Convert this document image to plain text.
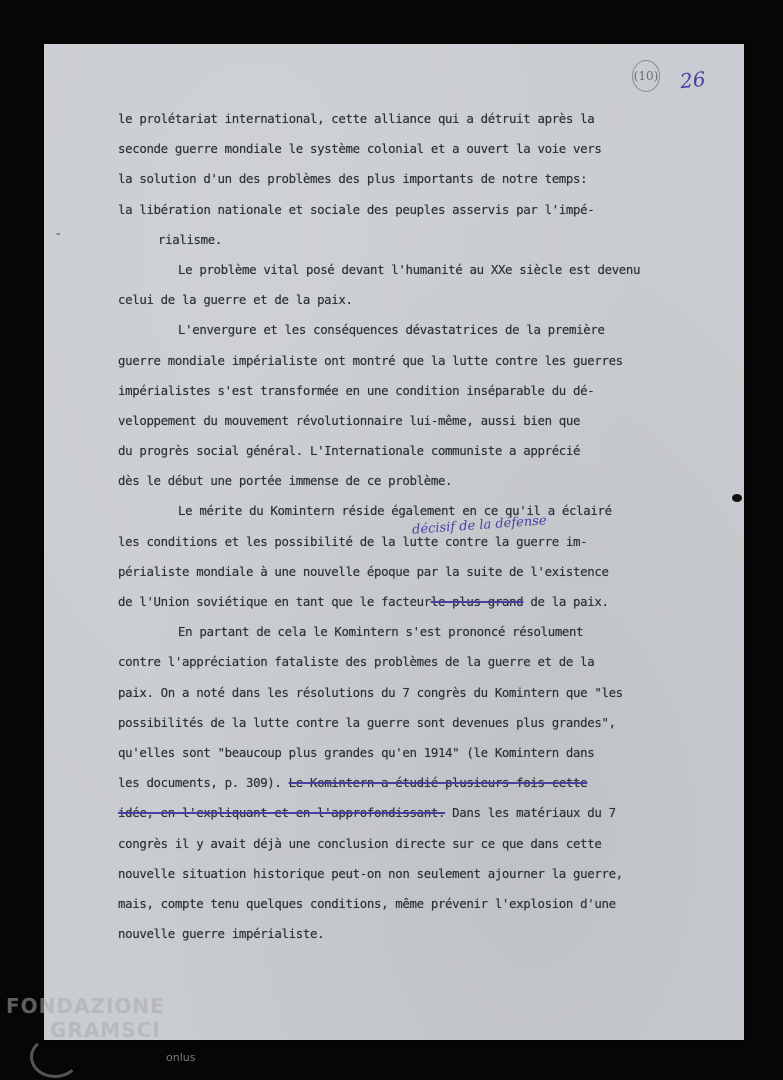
(10) 26
-
le prolétariat international, cette alliance qui a détruit après la
seconde guerre mondiale le système colonial et a ouvert la voie vers
la solution d'un des problèmes des plus importants de notre temps:
la libération nationale et sociale des peuples asservis par l'impé-
rialisme.
Le problème vital posé devant l'humanité au XXe siècle est devenu
celui de la guerre et de la paix.
L'envergure et les conséquences dévastatrices de la première
guerre mondiale impérialiste ont montré que la lutte contre les guerres
impérialistes s'est transformée en une condition inséparable du dé-
veloppement du mouvement révolutionnaire lui-même, aussi bien que
du progrès social général. L'Internationale communiste a apprécié
dès le début une portée immense de ce problème.
Le mérite du Komintern réside également en ce qu'il a éclairé
les conditions et les possibilité de la lutte contre la guerre im-
périaliste mondiale à une nouvelle époque par la suite de l'existence
de l'Union soviétique en tant que le facteurle plus grand de la paix.
En partant de cela le Komintern s'est prononcé résolument
contre l'appréciation fataliste des problèmes de la guerre et de la
paix. On a noté dans les résolutions du 7 congrès du Komintern que "les
possibilités de la lutte contre la guerre sont devenues plus grandes",
qu'elles sont "beaucoup plus grandes qu'en 1914" (le Komintern dans
les documents, p. 309). Le Komintern a étudié plusieurs fois cette
idée, en l'expliquant et en l'approfondissant. Dans les matériaux du 7
congrès il y avait déjà une conclusion directe sur ce que dans cette
nouvelle situation historique peut-on non seulement ajourner la guerre,
mais, compte tenu quelques conditions, même prévenir l'explosion d'une
nouvelle guerre impérialiste.
décisif de la défense
FONDAZIONE
GRAMSCI
onlus
